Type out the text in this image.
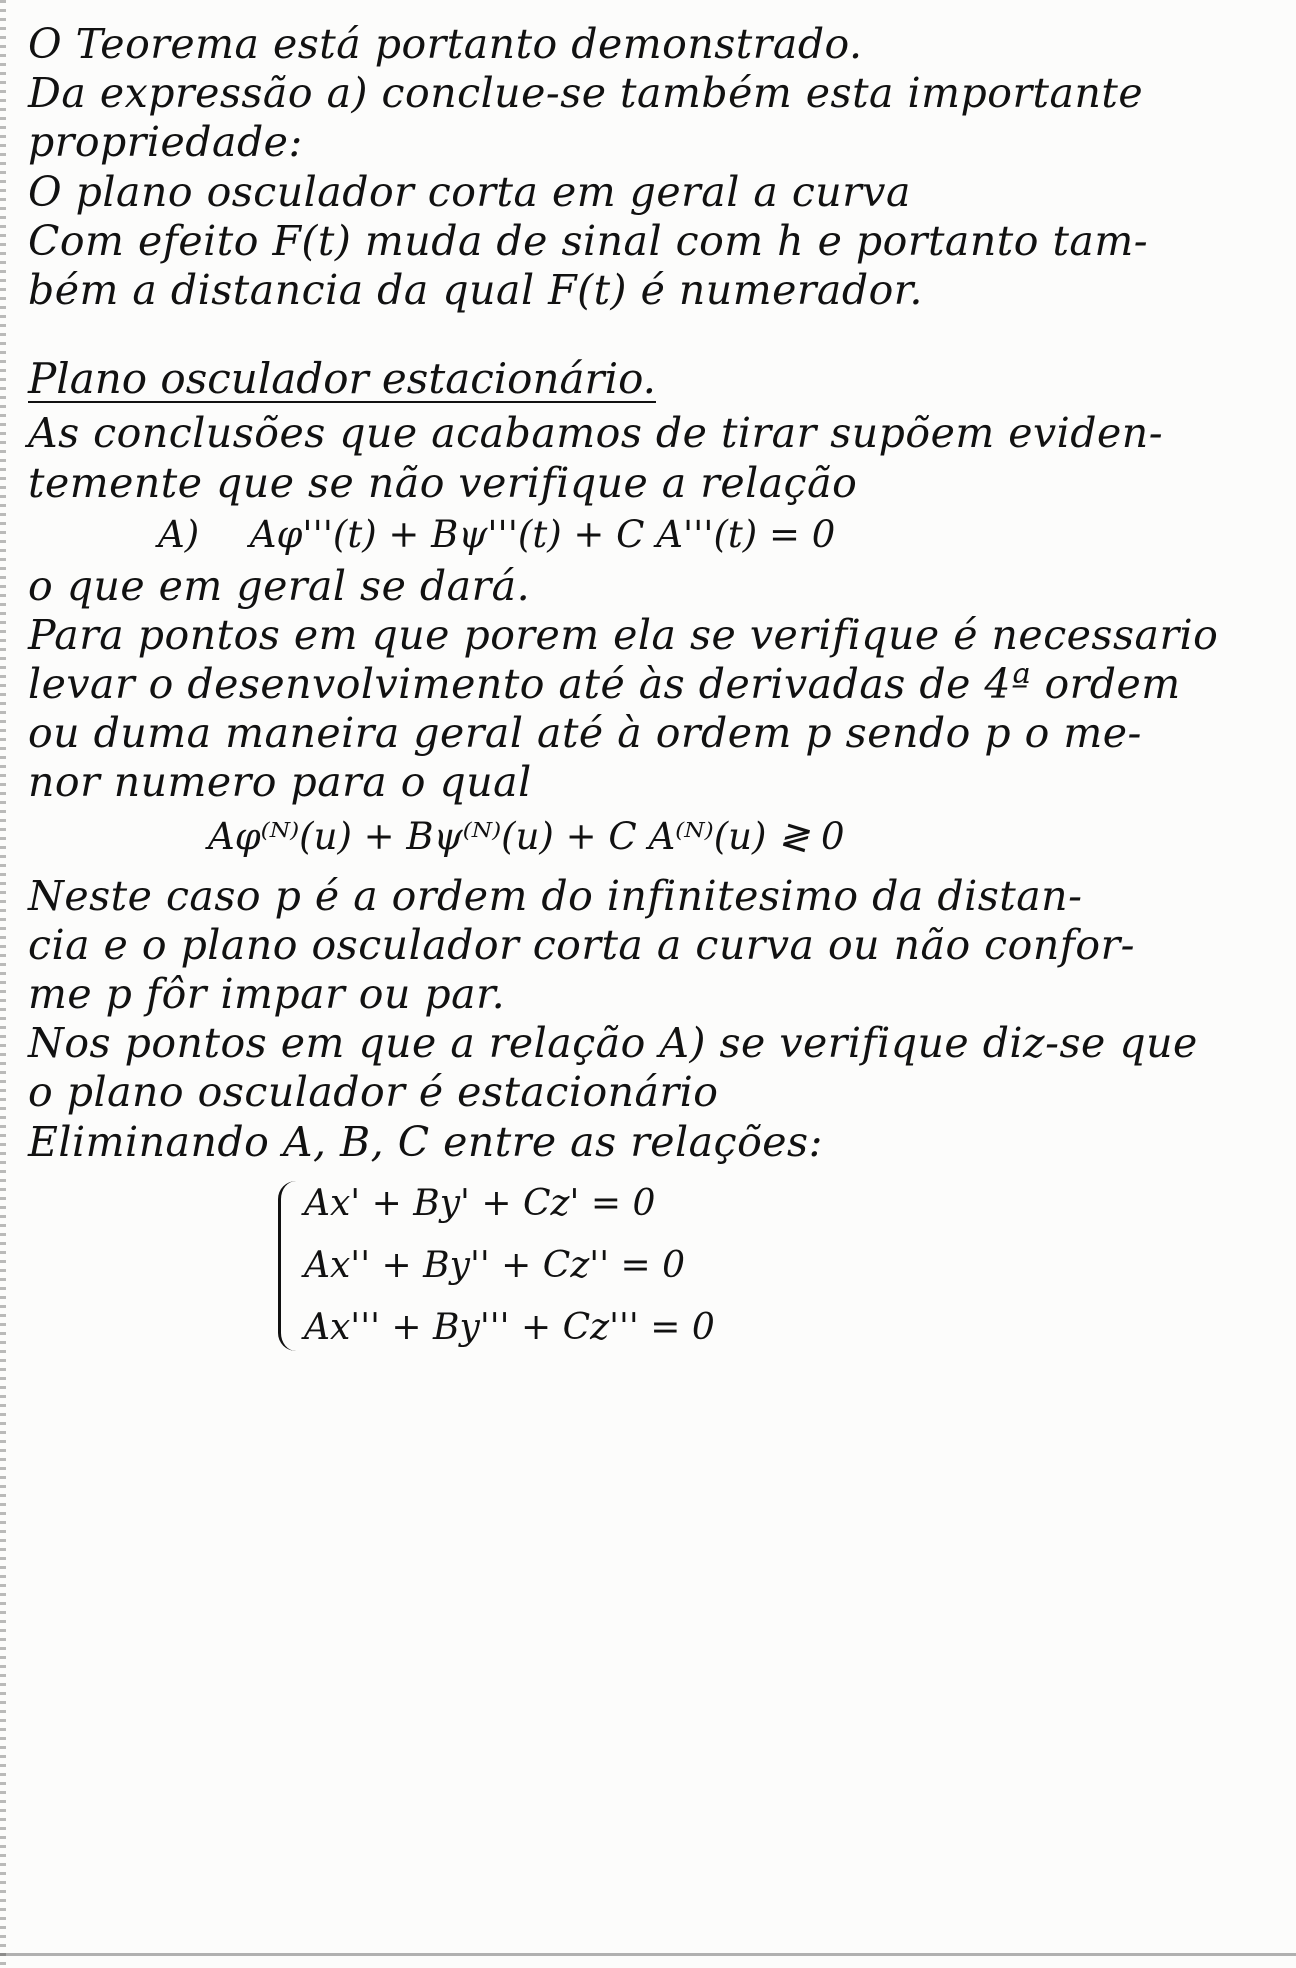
O Teorema está portanto demonstrado.

Da expressão a) conclue-se também esta importante

propriedade:

O plano osculador corta em geral a curva

Com efeito F(t) muda de sinal com h e portanto tam-

bém a distancia da qual F(t) é numerador.

Plano osculador estacionário.

As conclusões que acabamos de tirar supõem eviden-

temente que se não verifique a relação

A) Aφ'''(t) + Bψ'''(t) + C A'''(t) = 0

o que em geral se dará.

Para pontos em que porem ela se verifique é necessario

levar o desenvolvimento até às derivadas de 4ª ordem

ou duma maneira geral até à ordem p sendo p o me-

nor numero para o qual

Aφ⁽ᴺ⁾(u) + Bψ⁽ᴺ⁾(u) + C A⁽ᴺ⁾(u) ≷ 0

Neste caso p é a ordem do infinitesimo da distan-

cia e o plano osculador corta a curva ou não confor-

me p fôr impar ou par.

Nos pontos em que a relação A) se verifique diz-se que

o plano osculador é estacionário

Eliminando A, B, C entre as relações:

Ax' + By' + Cz' = 0
Ax'' + By'' + Cz'' = 0
Ax''' + By''' + Cz''' = 0
